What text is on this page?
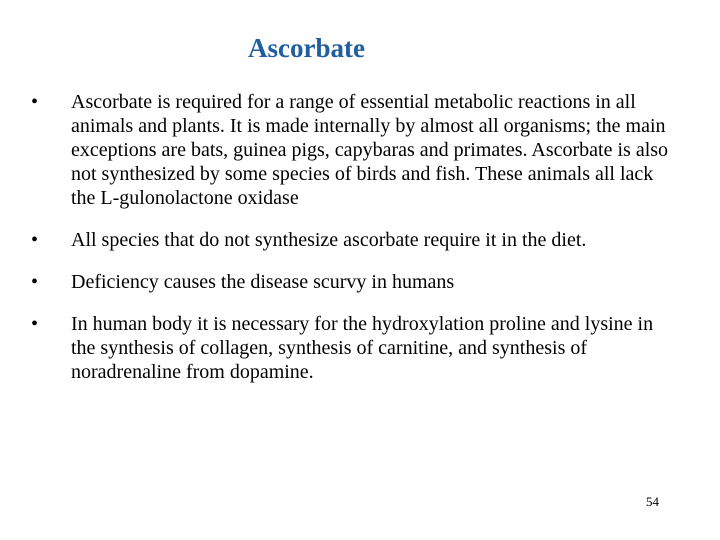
Ascorbate
•	Ascorbate is required for a range of essential metabolic reactions in all animals and plants. It is made internally by almost all organisms; the main exceptions are bats, guinea pigs, capybaras and primates. Ascorbate is also not synthesized by some species of birds and fish. These animals all lack the L-gulonolactone oxidase
•	All species that do not synthesize ascorbate require it in the diet.
•	Deficiency causes the disease scurvy in humans
•	In human body it is necessary for the hydroxylation proline and lysine in the synthesis of collagen, synthesis of carnitine, and synthesis of noradrenaline from dopamine.
54
